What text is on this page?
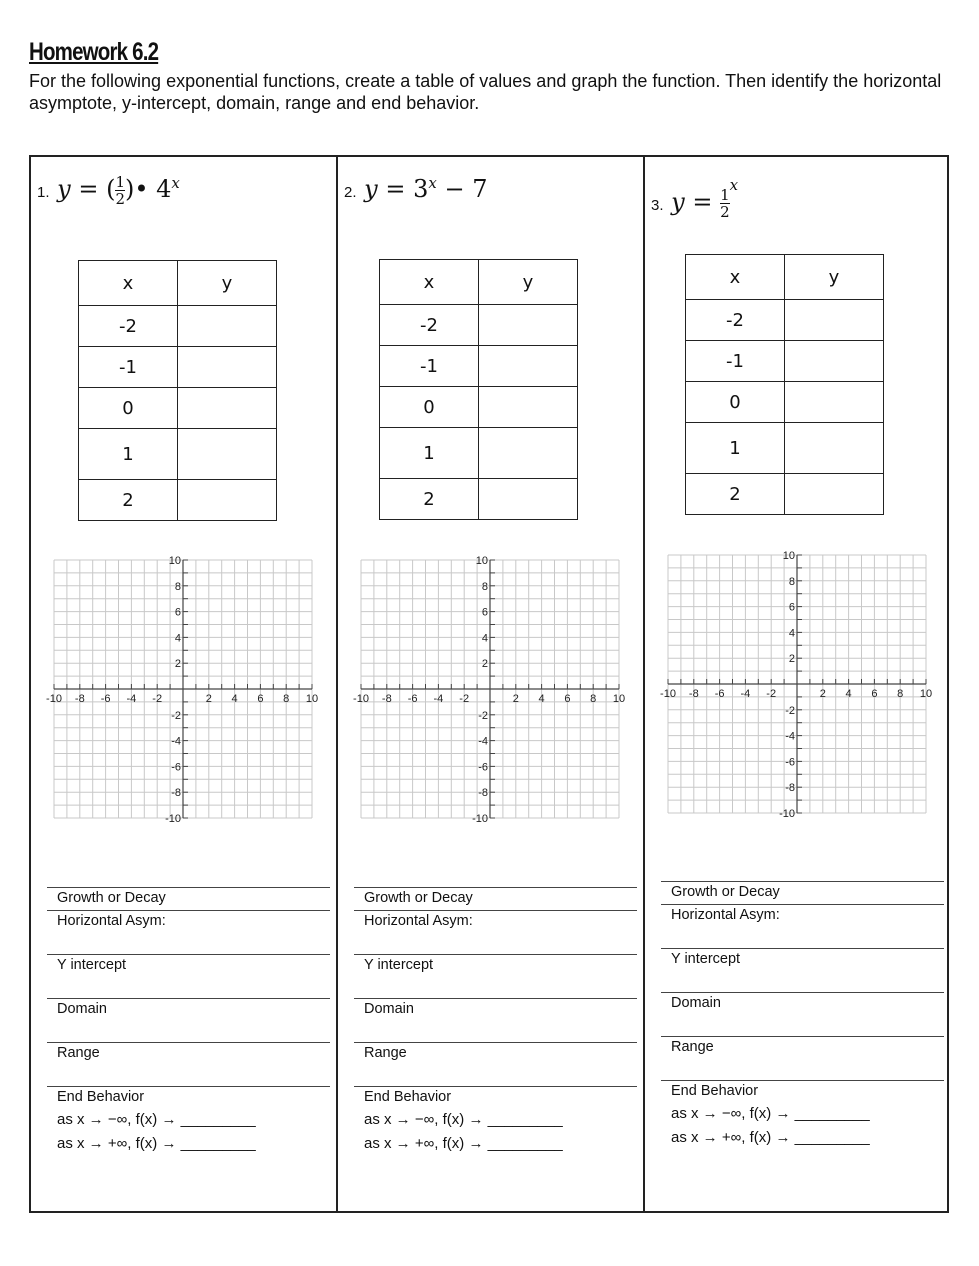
Homework 6.2
For the following exponential functions, create a table of values and graph the function. Then identify the horizontal asymptote, y-intercept, domain, range and end behavior.
1. $y = (\frac{1}{2}$ )• 4$^x$
2. $y = 3^x - 7$
3. $y = \frac{1}{2}$
$^x$
x	y
-2	
-1	
0	
1	
2	
x	y
-2	
-1	
0	
1	
2	
x	y
-2	
-1	
0	
1	
2	
-10 -8 -6 -4 -2	2 4 6 8 10
10
8
6
4
2
-2
-4
-6
-8
-10
-10 -8 -6 -4 -2	2 4 6 8 10
10
8
6
4
2
-2
-4
-6
-8
-10
-10 -8 -6 -4 -2	2 4 6 8 10
10
8
6
4
2
-2
-4
-6
-8
-10
Growth or Decay
Horizontal Asym:
Y intercept
Domain
Range
End Behavior
as x → −∞, f(x) → _________
as x → +∞, f(x) → _________
Growth or Decay
Horizontal Asym:
Y intercept
Domain
Range
End Behavior
as x → −∞, f(x) → _________
as x → +∞, f(x) → _________
Growth or Decay
Horizontal Asym:
Y intercept
Domain
Range
End Behavior
as x → −∞, f(x) → _________
as x → +∞, f(x) → _________
